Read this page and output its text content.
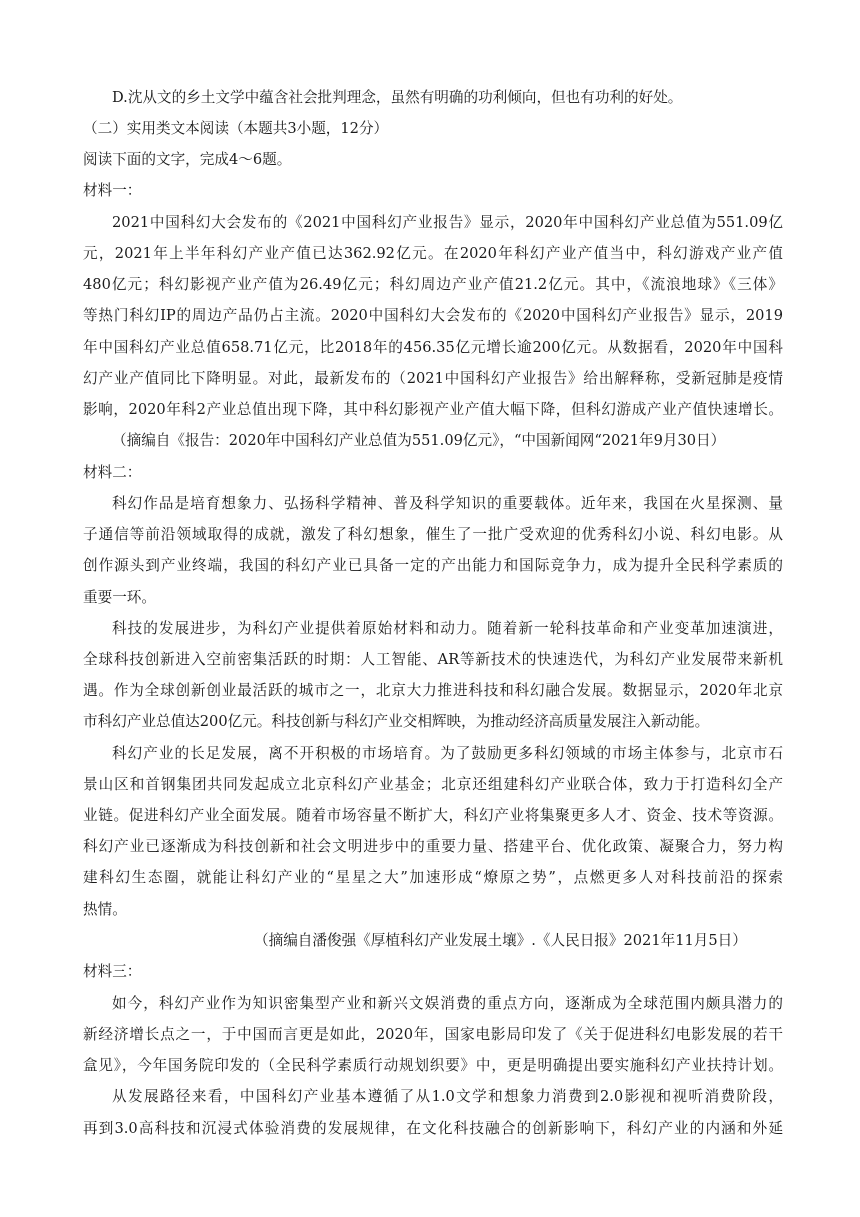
D.沈从文的乡土文学中蕴含社会批判理念，虽然有明确的功利倾向，但也有功利的好处。
（二）实用类文本阅读（本题共3小题，12分）
阅读下面的文字，完成4～6题。
材料一：
2021中国科幻大会发布的《2021中国科幻产业报告》显示，2020年中国科幻产业总值为551.09亿
元，2021年上半年科幻产业产值已达362.92亿元。在2020年科幻产业产值当中，科幻游戏产业产值
480亿元；科幻影视产业产值为26.49亿元；科幻周边产业产值21.2亿元。其中，《流浪地球》《三体》
等热门科幻IP的周边产品仍占主流。2020中国科幻大会发布的《2020中国科幻产业报告》显示，2019
年中国科幻产业总值658.71亿元，比2018年的456.35亿元增长逾200亿元。从数据看，2020年中国科
幻产业产值同比下降明显。对此，最新发布的（2021中国科幻产业报告》给出解释称，受新冠肺是疫情
影响，2020年科2产业总值出现下降，其中科幻影视产业产值大幅下降，但科幻游成产业产值快速增长。
（摘编自《报告：2020年中国科幻产业总值为551.09亿元》，“中国新闻网“2021年9月30日）
材料二：
科幻作品是培育想象力、弘扬科学精神、普及科学知识的重要载体。近年来，我国在火星探测、量
子通信等前沿领域取得的成就，激发了科幻想象，催生了一批广受欢迎的优秀科幻小说、科幻电影。从
创作源头到产业终端，我国的科幻产业已具备一定的产出能力和国际竞争力，成为提升全民科学素质的
重要一环。
科技的发展进步，为科幻产业提供着原始材料和动力。随着新一轮科技革命和产业变革加速演进，
全球科技创新进入空前密集活跃的时期：人工智能、AR等新技术的快速迭代，为科幻产业发展带来新机
遇。作为全球创新创业最活跃的城市之一，北京大力推进科技和科幻融合发展。数据显示，2020年北京
市科幻产业总值达200亿元。科技创新与科幻产业交相辉映，为推动经济高质量发展注入新动能。
科幻产业的长足发展，离不开积极的市场培育。为了鼓励更多科幻领域的市场主体参与，北京市石
景山区和首钢集团共同发起成立北京科幻产业基金；北京还组建科幻产业联合体，致力于打造科幻全产
业链。促进科幻产业全面发展。随着市场容量不断扩大，科幻产业将集聚更多人才、资金、技术等资源。
科幻产业已逐渐成为科技创新和社会文明进步中的重要力量、搭建平台、优化政策、凝聚合力，努力构
建科幻生态圈，就能让科幻产业的“星星之大”加速形成“燎原之势”，点燃更多人对科技前沿的探索
热情。
（摘编自潘俊强《厚植科幻产业发展土壤》.《人民日报》2021年11月5日）
材料三：
如今，科幻产业作为知识密集型产业和新兴文娱消费的重点方向，逐渐成为全球范围内颇具潜力的
新经济增长点之一，于中国而言更是如此，2020年，国家电影局印发了《关于促进科幻电影发展的若干
盒见》，今年国务院印发的（全民科学素质行动规划织要》中，更是明确提出要实施科幻产业扶持计划。
从发展路径来看，中国科幻产业基本遵循了从1.0文学和想象力消费到2.0影视和视听消费阶段，
再到3.0高科技和沉浸式体验消费的发展规律，在文化科技融合的创新影响下，科幻产业的内涵和外延
